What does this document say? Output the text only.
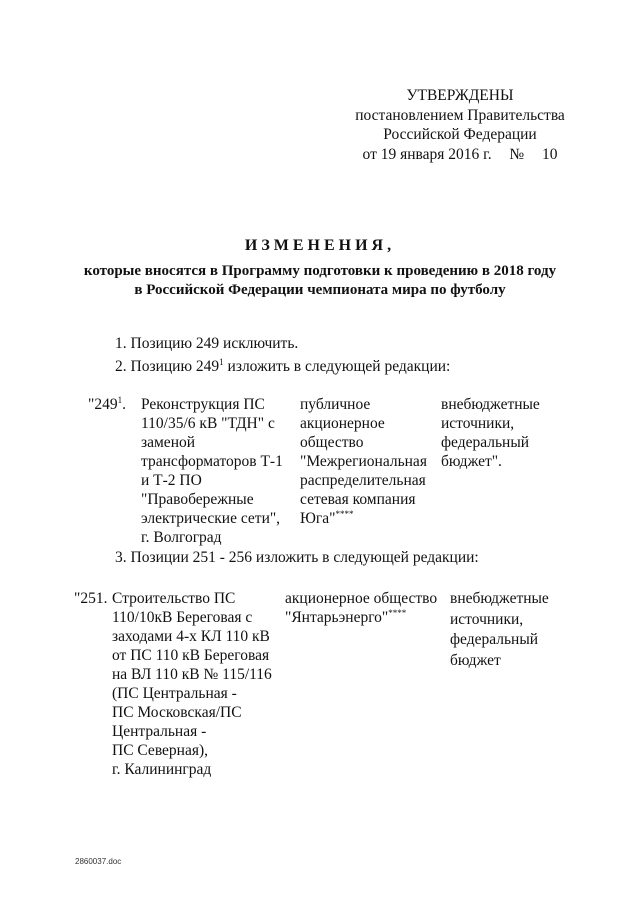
УТВЕРЖДЕНЫ
постановлением Правительства
Российской Федерации
от 19 января 2016 г. № 10
ИЗМЕНЕНИЯ,
которые вносятся в Программу подготовки к проведению в 2018 году
в Российской Федерации чемпионата мира по футболу
1. Позицию 249 исключить.
2. Позицию $249^1$ изложить в следующей редакции:
"$249^1$. Реконструкция ПС
110/35/6 кВ "ТДН" с
заменой
трансформаторов Т-1
и Т-2 ПО
"Правобережные
электрические сети",
г. Волгоград
публичное
акционерное
общество
"Межрегиональная
распределительная
сетевая компания
Юга"****
внебюджетные
источники,
федеральный
бюджет".
3. Позиции 251 - 256 изложить в следующей редакции:
"251. Строительство ПС
110/10кВ Береговая с
заходами 4-х КЛ 110 кВ
от ПС 110 кВ Береговая
на ВЛ 110 кВ № 115/116
(ПС Центральная -
ПС Московская/ПС
Центральная -
ПС Северная),
г. Калининград
акционерное общество
"Янтарьэнерго"****
внебюджетные
источники,
федеральный
бюджет
2860037.doc
